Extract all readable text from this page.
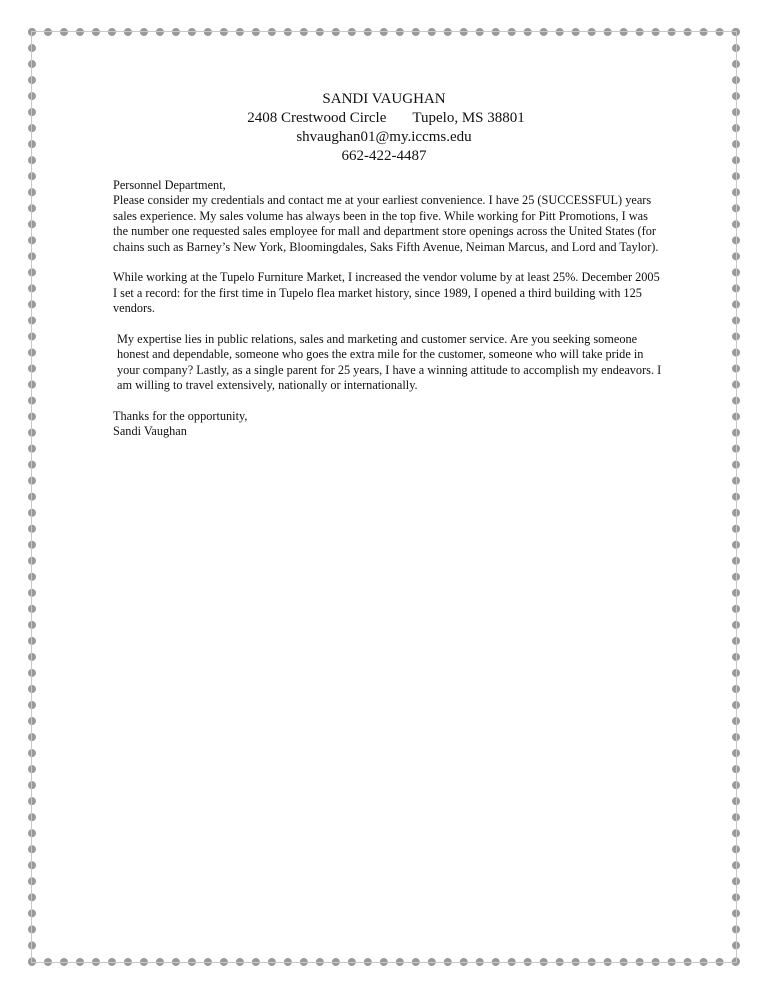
SANDI VAUGHAN
2408 Crestwood Circle Tupelo, MS 38801
shvaughan01@my.iccms.edu
662-422-4487

Personnel Department,

Please consider my credentials and contact me at your earliest convenience. I have 25 (SUCCESSFUL) years sales experience. My sales volume has always been in the top five. While working for Pitt Promotions, I was the number one requested sales employee for mall and department store openings across the United States (for chains such as Barney’s New York, Bloomingdales, Saks Fifth Avenue, Neiman Marcus, and Lord and Taylor).

While working at the Tupelo Furniture Market, I increased the vendor volume by at least 25%. December 2005 I set a record: for the first time in Tupelo flea market history, since 1989, I opened a third building with 125 vendors.

My expertise lies in public relations, sales and marketing and customer service. Are you seeking someone honest and dependable, someone who goes the extra mile for the customer, someone who will take pride in your company? Lastly, as a single parent for 25 years, I have a winning attitude to accomplish my endeavors. I am willing to travel extensively, nationally or internationally.

Thanks for the opportunity,

Sandi Vaughan
